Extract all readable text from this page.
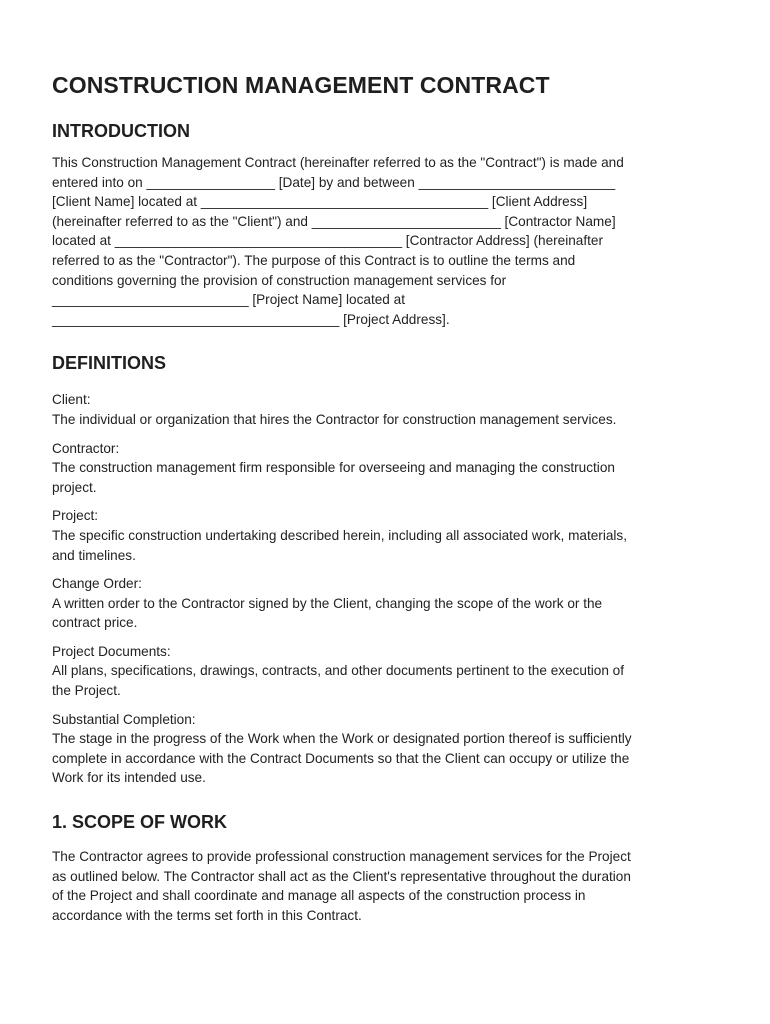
CONSTRUCTION MANAGEMENT CONTRACT
INTRODUCTION

This Construction Management Contract (hereinafter referred to as the "Contract") is made and

entered into on _________________ [Date] by and between __________________________

[Client Name] located at ______________________________________ [Client Address]

(hereinafter referred to as the "Client") and _________________________ [Contractor Name]

located at ______________________________________ [Contractor Address] (hereinafter

referred to as the "Contractor"). The purpose of this Contract is to outline the terms and

conditions governing the provision of construction management services for

__________________________ [Project Name] located at

______________________________________ [Project Address].

DEFINITIONS
Client:
The individual or organization that hires the Contractor for construction management services.
Contractor:
The construction management firm responsible for overseeing and managing the construction
project.
Project:
The specific construction undertaking described herein, including all associated work, materials,
and timelines.
Change Order:
A written order to the Contractor signed by the Client, changing the scope of the work or the
contract price.
Project Documents:
All plans, specifications, drawings, contracts, and other documents pertinent to the execution of
the Project.
Substantial Completion:
The stage in the progress of the Work when the Work or designated portion thereof is sufficiently
complete in accordance with the Contract Documents so that the Client can occupy or utilize the
Work for its intended use.
1. SCOPE OF WORK

The Contractor agrees to provide professional construction management services for the Project

as outlined below. The Contractor shall act as the Client's representative throughout the duration

of the Project and shall coordinate and manage all aspects of the construction process in

accordance with the terms set forth in this Contract.
